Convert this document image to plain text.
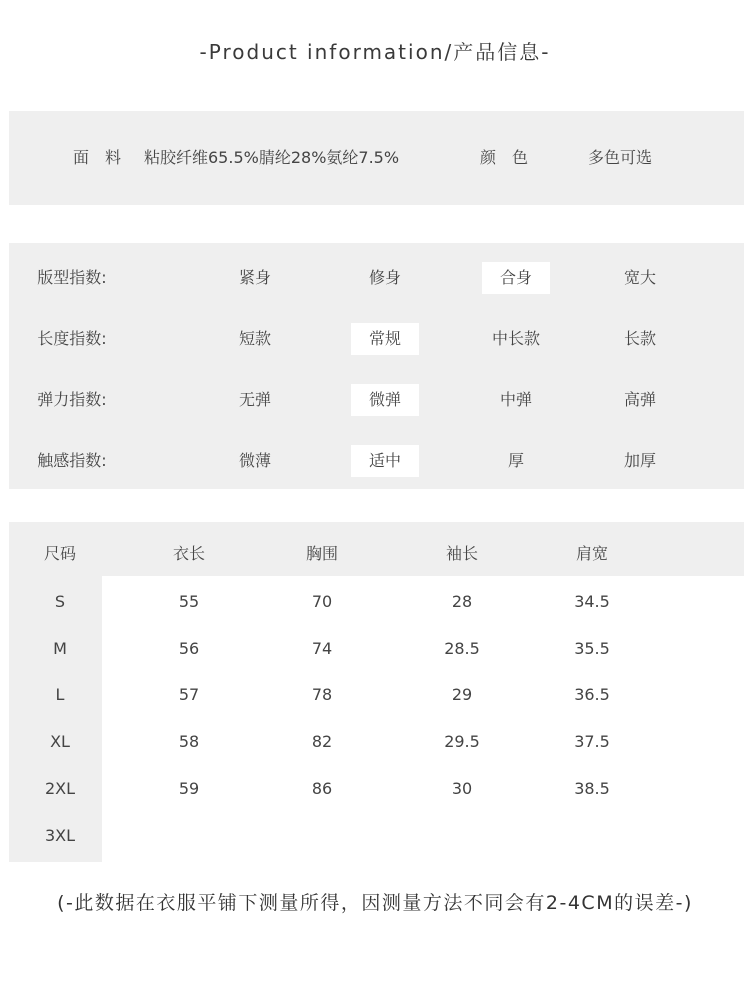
-Product information/产品信息-
面　料 粘胶纤维65.5%腈纶28%氨纶7.5%	颜　色	多色可选
版型指数:	紧身	修身	合身	宽大
长度指数:	短款	常规	中长款	长款
弹力指数:	无弹	微弹	中弹	高弹
触感指数:	微薄	适中	厚	加厚
尺码	衣长	胸围	袖长	肩宽
S	55	70	28	34.5
M	56	74	28.5	35.5
L	57	78	29	36.5
XL	58	82	29.5	37.5
2XL	59	86	30	38.5
3XL
(-此数据在衣服平铺下测量所得，因测量方法不同会有2-4CM的误差-)
